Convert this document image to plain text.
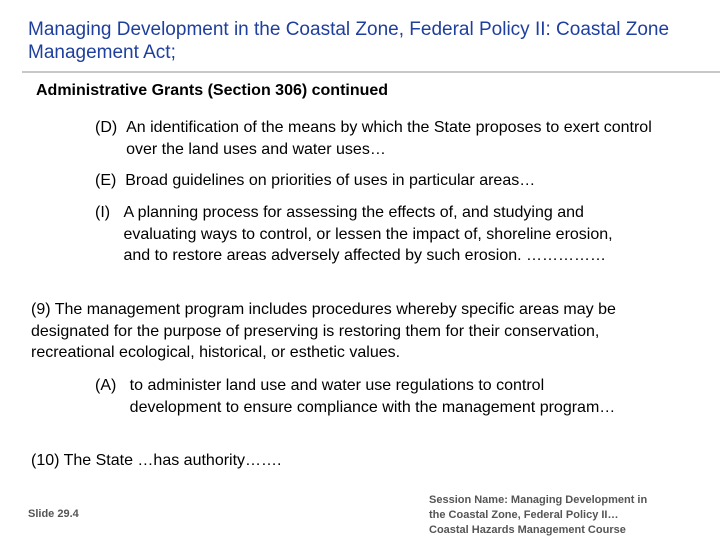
Managing Development in the Coastal Zone, Federal Policy II: Coastal Zone Management Act;
Administrative Grants (Section 306) continued
(D) An identification of the means by which the State proposes to exert control over the land uses and water uses…
(E) Broad guidelines on priorities of uses in particular areas…
(I) A planning process for assessing the effects of, and studying and evaluating ways to control, or lessen the impact of, shoreline erosion, and to restore areas adversely affected by such erosion. ……………
(9) The management program includes procedures whereby specific areas may be designated for the purpose of preserving is restoring them for their conservation, recreational ecological, historical, or esthetic values.
(A) to administer land use and water use regulations to control development to ensure compliance with the management program…
(10) The State …has authority…….
Slide 29.4
Session Name: Managing Development in
the Coastal Zone, Federal Policy II…
Coastal Hazards Management Course
